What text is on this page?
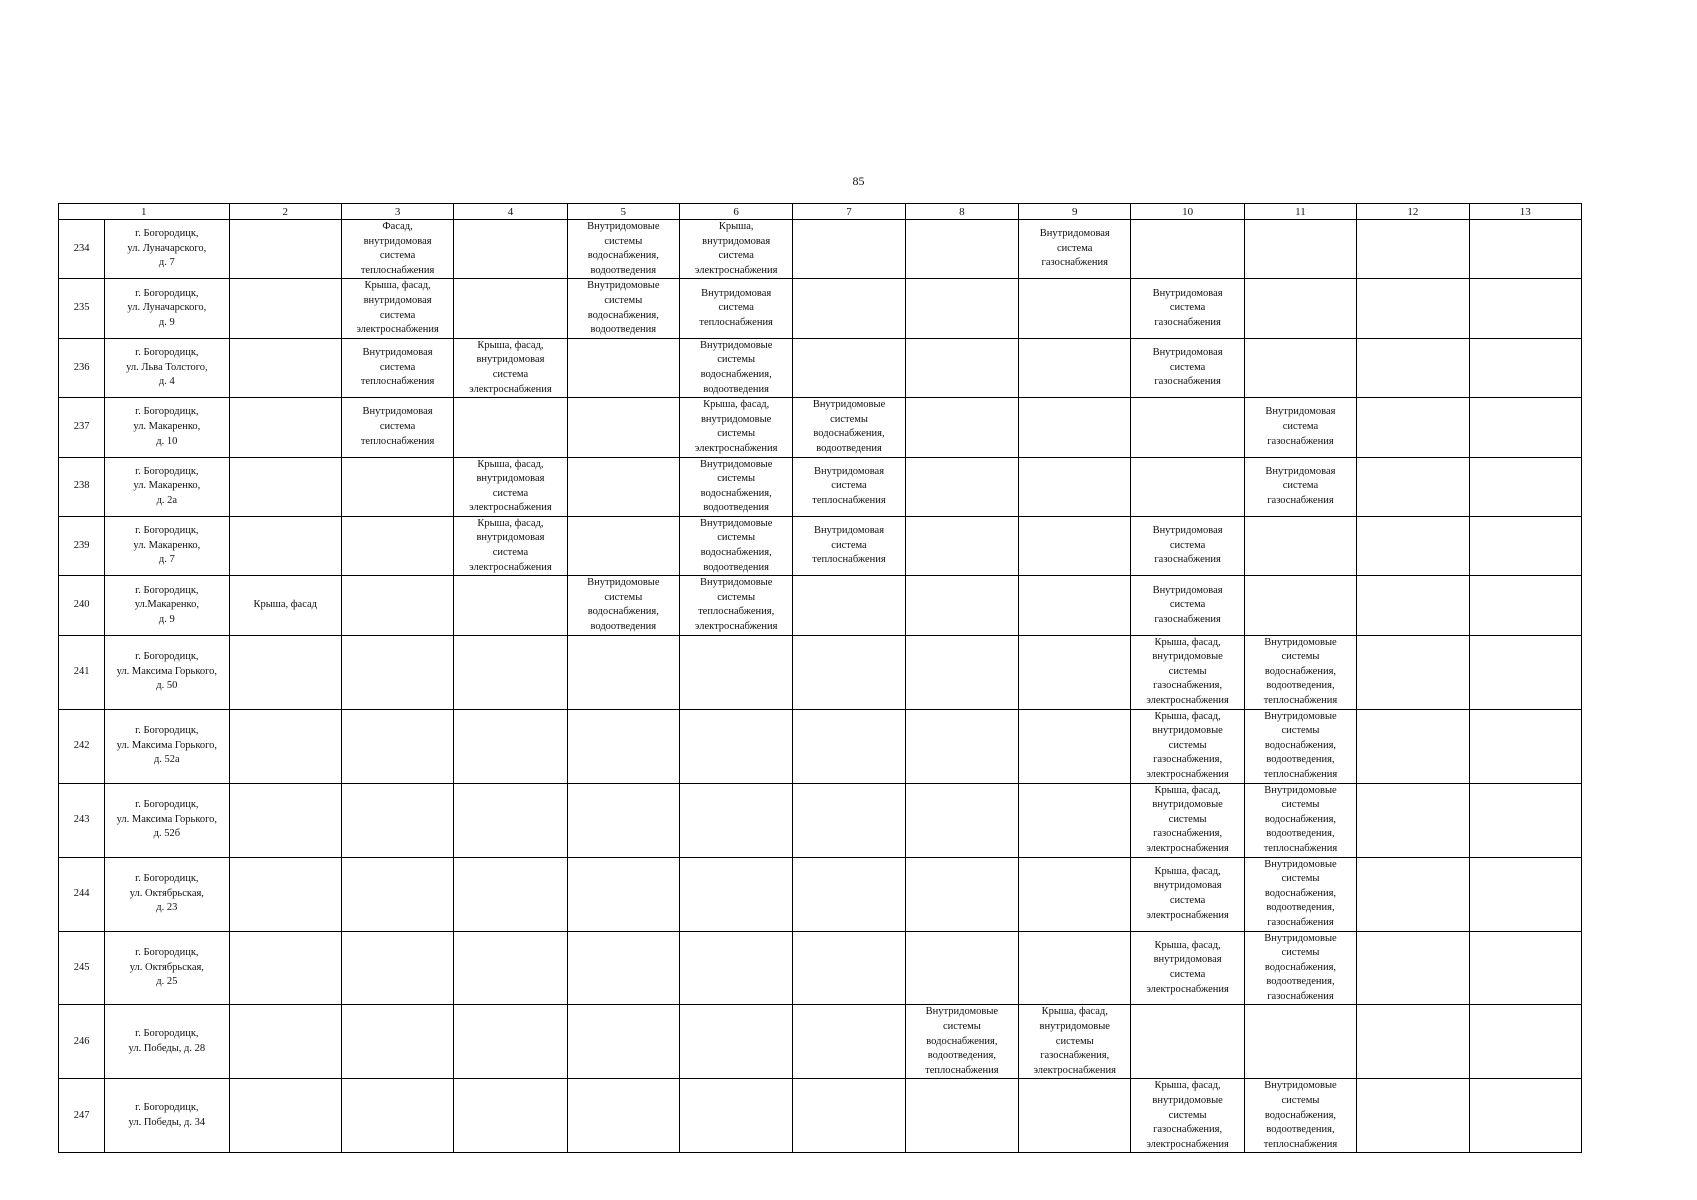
85
1		2	3	4	5	6	7	8	9	10	11	12	13
234	г. Богородицк,
ул. Луначарского,
д. 7		Фасад,
внутридомовая
система
теплоснабжения		Внутридомовые
системы
водоснабжения,
водоотведения	Крыша,
внутридомовая
система
электроснабжения			Внутридомовая
система
газоснабжения				

235	г. Богородицк,
ул. Луначарского,
д. 9		Крыша, фасад,
внутридомовая
система
электроснабжения		Внутридомовые
системы
водоснабжения,
водоотведения	Внутридомовая
система
теплоснабжения				Внутридомовая
система
газоснабжения			

236	г. Богородицк,
ул. Льва Толстого,
д. 4		Внутридомовая
система
теплоснабжения	Крыша, фасад,
внутридомовая
система
электроснабжения		Внутридомовые
системы
водоснабжения,
водоотведения				Внутридомовая
система
газоснабжения			

237	г. Богородицк,
ул. Макаренко,
д. 10		Внутридомовая
система
теплоснабжения			Крыша, фасад,
внутридомовые
системы
электроснабжения	Внутридомовые
системы
водоснабжения,
водоотведения				Внутридомовая
система
газоснабжения		

238	г. Богородицк,
ул. Макаренко,
д. 2а			Крыша, фасад,
внутридомовая
система
электроснабжения		Внутридомовые
системы
водоснабжения,
водоотведения	Внутридомовая
система
теплоснабжения				Внутридомовая
система
газоснабжения		

239	г. Богородицк,
ул. Макаренко,
д. 7			Крыша, фасад,
внутридомовая
система
электроснабжения		Внутридомовые
системы
водоснабжения,
водоотведения	Внутридомовая
система
теплоснабжения			Внутридомовая
система
газоснабжения			

240	г. Богородицк,
ул.Макаренко,
д. 9	Крыша, фасад			Внутридомовые
системы
водоснабжения,
водоотведения	Внутридомовые
системы
теплоснабжения,
электроснабжения				Внутридомовая
система
газоснабжения			

241	г. Богородицк,
ул. Максима Горького,
д. 50									Крыша, фасад,
внутридомовые
системы
газоснабжения,
электроснабжения	Внутридомовые
системы
водоснабжения,
водоотведения,
теплоснабжения		

242	г. Богородицк,
ул. Максима Горького,
д. 52а									Крыша, фасад,
внутридомовые
системы
газоснабжения,
электроснабжения	Внутридомовые
системы
водоснабжения,
водоотведения,
теплоснабжения		

243	г. Богородицк,
ул. Максима Горького,
д. 52б									Крыша, фасад,
внутридомовые
системы
газоснабжения,
электроснабжения	Внутридомовые
системы
водоснабжения,
водоотведения,
теплоснабжения		

244	г. Богородицк,
ул. Октябрьская,
д. 23									Крыша, фасад,
внутридомовая
система
электроснабжения	Внутридомовые
системы
водоснабжения,
водоотведения,
газоснабжения		

245	г. Богородицк,
ул. Октябрьская,
д. 25									Крыша, фасад,
внутридомовая
система
электроснабжения	Внутридомовые
системы
водоснабжения,
водоотведения,
газоснабжения		

246	г. Богородицк,
ул. Победы, д. 28							Внутридомовые
системы
водоснабжения,
водоотведения,
теплоснабжения	Крыша, фасад,
внутридомовые
системы
газоснабжения,
электроснабжения				

247	г. Богородицк,
ул. Победы, д. 34									Крыша, фасад,
внутридомовые
системы
газоснабжения,
электроснабжения	Внутридомовые
системы
водоснабжения,
водоотведения,
теплоснабжения		
